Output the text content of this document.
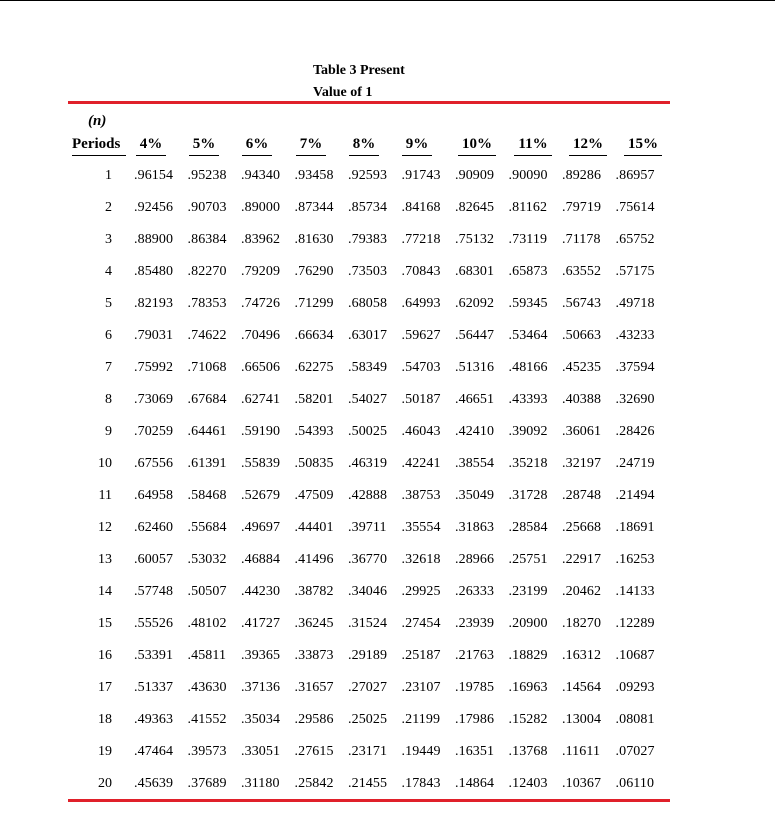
Table 3 Present
Value of 1
(n)
Periods	4% 5% 6% 7% 8% 9% 10% 11% 12% 15%
1		.96154	.95238	.94340	.93458	.92593	.91743	.90909	.90090	.89286	.86957
2		.92456	.90703	.89000	.87344	.85734	.84168	.82645	.81162	.79719	.75614
3		.88900	.86384	.83962	.81630	.79383	.77218	.75132	.73119	.71178	.65752
4		.85480	.82270	.79209	.76290	.73503	.70843	.68301	.65873	.63552	.57175
5		.82193	.78353	.74726	.71299	.68058	.64993	.62092	.59345	.56743	.49718
6		.79031	.74622	.70496	.66634	.63017	.59627	.56447	.53464	.50663	.43233
7		.75992	.71068	.66506	.62275	.58349	.54703	.51316	.48166	.45235	.37594
8		.73069	.67684	.62741	.58201	.54027	.50187	.46651	.43393	.40388	.32690
9		.70259	.64461	.59190	.54393	.50025	.46043	.42410	.39092	.36061	.28426
10		.67556	.61391	.55839	.50835	.46319	.42241	.38554	.35218	.32197	.24719
11		.64958	.58468	.52679	.47509	.42888	.38753	.35049	.31728	.28748	.21494
12		.62460	.55684	.49697	.44401	.39711	.35554	.31863	.28584	.25668	.18691
13		.60057	.53032	.46884	.41496	.36770	.32618	.28966	.25751	.22917	.16253
14		.57748	.50507	.44230	.38782	.34046	.29925	.26333	.23199	.20462	.14133
15		.55526	.48102	.41727	.36245	.31524	.27454	.23939	.20900	.18270	.12289
16		.53391	.45811	.39365	.33873	.29189	.25187	.21763	.18829	.16312	.10687
17		.51337	.43630	.37136	.31657	.27027	.23107	.19785	.16963	.14564	.09293
18		.49363	.41552	.35034	.29586	.25025	.21199	.17986	.15282	.13004	.08081
19		.47464	.39573	.33051	.27615	.23171	.19449	.16351	.13768	.11611	.07027
20		.45639	.37689	.31180	.25842	.21455	.17843	.14864	.12403	.10367	.06110
